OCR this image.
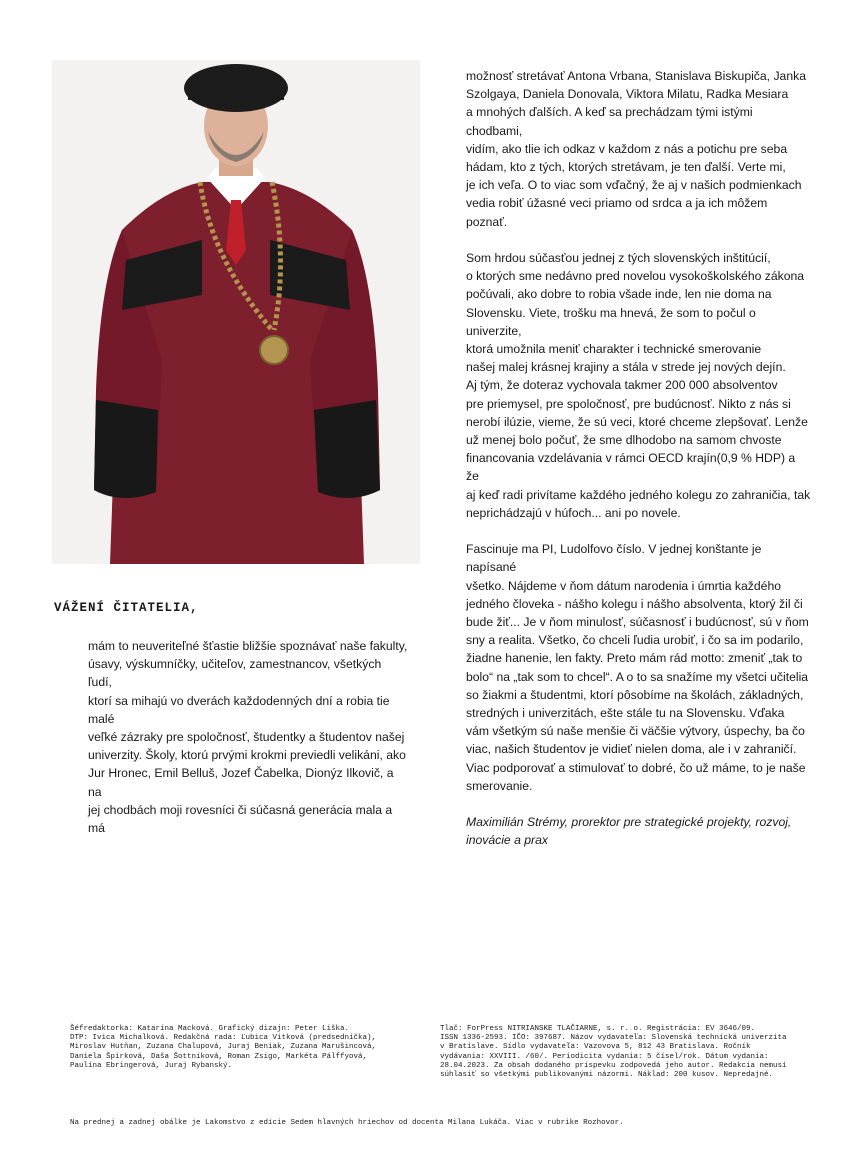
VÁŽENÍ ČITATELIA,

mám to neuveriteľné šťastie bližšie spoznávať naše fakulty,
úsavy, výskumníčky, učiteľov, zamestnancov, všetkých ľudí,
ktorí sa mihajú vo dverách každodenných dní a robia tie malé
veľké zázraky pre spoločnosť, študentky a študentov našej
univerzity. Školy, ktorú prvými krokmi previedli velikáni, ako
Jur Hronec, Emil Belluš, Jozef Čabelka, Dionýz Ilkovič, a na
jej chodbách moji rovesníci či súčasná generácia mala a má

možnosť stretávať Antona Vrbana, Stanislava Biskupiča, Janka
Szolgaya, Daniela Donovala, Viktora Milatu, Radka Mesiara
a mnohých ďalších. A keď sa prechádzam tými istými chodbami,
vidím, ako tlie ich odkaz v každom z nás a potichu pre seba
hádam, kto z tých, ktorých stretávam, je ten ďalší. Verte mi,
je ich veľa. O to viac som vďačný, že aj v našich podmienkach
vedia robiť úžasné veci priamo od srdca a ja ich môžem poznať.

Som hrdou súčasťou jednej z tých slovenských inštitúcií,
o ktorých sme nedávno pred novelou vysokoškolského zákona
počúvali, ako dobre to robia všade inde, len nie doma na
Slovensku. Viete, trošku ma hnevá, že som to počul o univerzite,
ktorá umožnila meniť charakter i technické smerovanie
našej malej krásnej krajiny a stála v strede jej nových dejín.
Aj tým, že doteraz vychovala takmer 200 000 absolventov
pre priemysel, pre spoločnosť, pre budúcnosť. Nikto z nás si
nerobí ilúzie, vieme, že sú veci, ktoré chceme zlepšovať. Lenže
už menej bolo počuť, že sme dlhodobo na samom chvoste
financovania vzdelávania v rámci OECD krajín(0,9 % HDP) a že
aj keď radi privítame každého jedného kolegu zo zahraničia, tak
neprichádzajú v húfoch... ani po novele.

Fascinuje ma PI, Ludolfovo číslo. V jednej konštante je napísané
všetko. Nájdeme v ňom dátum narodenia i úmrtia každého
jedného človeka - nášho kolegu i nášho absolventa, ktorý žil či
bude žiť... Je v ňom minulosť, súčasnosť i budúcnosť, sú v ňom
sny a realita. Všetko, čo chceli ľudia urobiť, i čo sa im podarilo,
žiadne hanenie, len fakty. Preto mám rád motto: zmeniť „tak to
bolo“ na „tak som to chcel“. A o to sa snažíme my všetci učitelia
so žiakmi a študentmi, ktorí pôsobíme na školách, základných,
stredných i univerzitách, ešte stále tu na Slovensku. Vďaka
vám všetkým sú naše menšie či väčšie výtvory, úspechy, ba čo
viac, našich študentov je vidieť nielen doma, ale i v zahraničí.
Viac podporovať a stimulovať to dobré, čo už máme, to je naše
smerovanie.

Maximilián Strémy, prorektor pre strategické projekty, rozvoj,
inovácie a prax

Šéfredaktorka: Katarína Macková. Grafický dizajn: Peter Liška.
DTP: Ivica Michalková. Redakčná rada: Ľubica Vitková (predsedníčka),
Miroslav Hutňan, Zuzana Chalupová, Juraj Beniak, Zuzana Marušincová,
Daniela Špirková, Daša Šottníková, Roman Zsigo, Markéta Pálffyová,
Paulína Ebringerová, Juraj Rybanský.
Tlač: ForPress NITRIANSKE TLAČIARNE, s. r. o. Registrácia: EV 3646/09.
ISSN 1336-2593. IČO: 397687. Názov vydavateľa: Slovenská technická univerzita
v Bratislave. Sídlo vydavateľa: Vazovova 5, 812 43 Bratislava. Ročník
vydávania: XXVIII. /60/. Periodicita vydania: 5 čísel/rok. Dátum vydania:
28.04.2023. Za obsah dodaného príspevku zodpovedá jeho autor. Redakcia nemusí
súhlasiť so všetkými publikovanými názormi. Náklad: 200 kusov. Nepredajné.
Na prednej a zadnej obálke je Lakomstvo z edície Sedem hlavných hriechov od docenta Milana Lukáča. Viac v rubrike Rozhovor.
